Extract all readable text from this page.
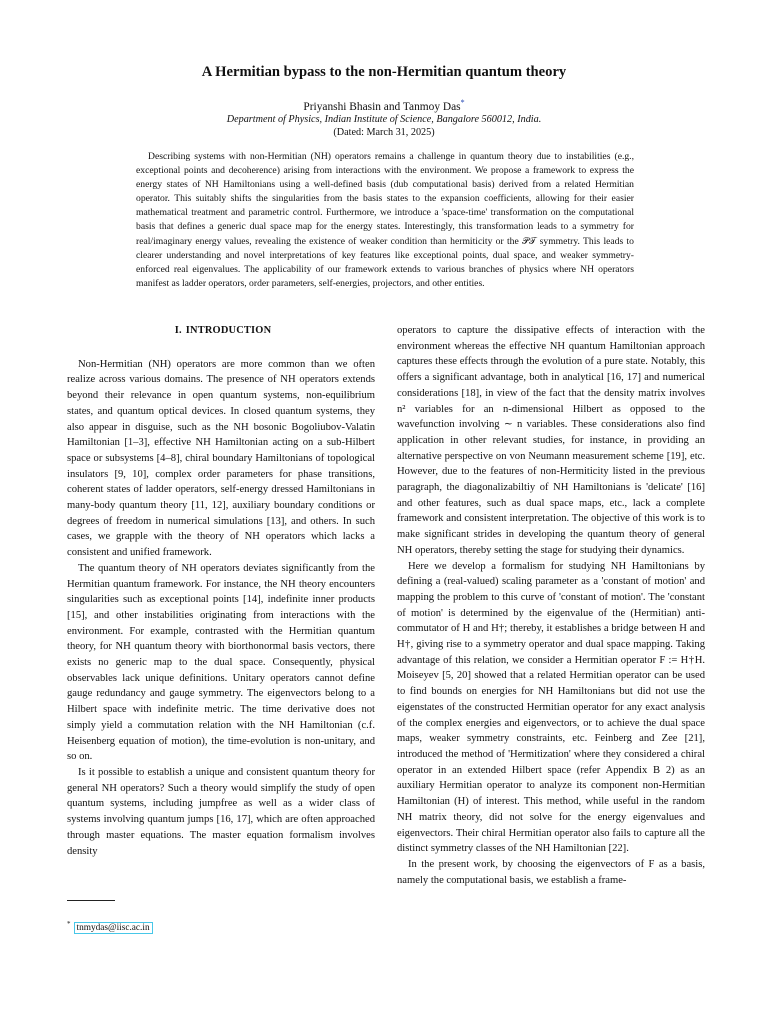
A Hermitian bypass to the non-Hermitian quantum theory
Priyanshi Bhasin and Tanmoy Das*
Department of Physics, Indian Institute of Science, Bangalore 560012, India.
(Dated: March 31, 2025)

Describing systems with non-Hermitian (NH) operators remains a challenge in quantum theory due to instabilities (e.g., exceptional points and decoherence) arising from interactions with the environment. We propose a framework to express the energy states of NH Hamiltonians using a well-defined basis (dub computational basis) derived from a related Hermitian operator. This suitably shifts the singularities from the basis states to the expansion coefficients, allowing for their easier mathematical treatment and parametric control. Furthermore, we introduce a 'space-time' transformation on the computational basis that defines a generic dual space map for the energy states. Interestingly, this transformation leads to a symmetry for real/imaginary energy values, revealing the existence of weaker condition than hermiticity or the 𝒫𝒯 symmetry. This leads to clearer understanding and novel interpretations of key features like exceptional points, dual space, and weaker symmetry-enforced real eigenvalues. The applicability of our framework extends to various branches of physics where NH operators manifest as ladder operators, order parameters, self-energies, projectors, and other entities.

I. INTRODUCTION

Non-Hermitian (NH) operators are more common than we often realize across various domains. The presence of NH operators extends beyond their relevance in open quantum systems, non-equilibrium states, and quantum optical devices. In closed quantum systems, they also appear in disguise, such as the NH bosonic Bogoliubov-Valatin Hamiltonian [1–3], effective NH Hamiltonian acting on a sub-Hilbert space or subsystems [4–8], chiral boundary Hamiltonians of topological insulators [9, 10], complex order parameters for phase transitions, coherent states of ladder operators, self-energy dressed Hamiltonians in many-body quantum theory [11, 12], auxiliary boundary conditions or degrees of freedom in numerical simulations [13], and others. In such cases, we grapple with the theory of NH operators which lacks a consistent and unified framework.

The quantum theory of NH operators deviates significantly from the Hermitian quantum framework. For instance, the NH theory encounters singularities such as exceptional points [14], indefinite inner products [15], and other instabilities originating from interactions with the environment. For example, contrasted with the Hermitian quantum theory, for NH quantum theory with biorthonormal basis vectors, there exists no generic map to the dual space. Consequently, physical observables lack unique definitions. Unitary operators cannot define gauge redundancy and gauge symmetry. The eigenvectors belong to a Hilbert space with indefinite metric. The time derivative does not simply yield a commutation relation with the NH Hamiltonian (c.f. Heisenberg equation of motion), the time-evolution is non-unitary, and so on.

Is it possible to establish a unique and consistent quantum theory for general NH operators? Such a theory would simplify the study of open quantum systems, including jumpfree as well as a wider class of systems involving quantum jumps [16, 17], which are often approached through master equations. The master equation formalism involves density

operators to capture the dissipative effects of interaction with the environment whereas the effective NH quantum Hamiltonian approach captures these effects through the evolution of a pure state. Notably, this offers a significant advantage, both in analytical [16, 17] and numerical considerations [18], in view of the fact that the density matrix involves n² variables for an n-dimensional Hilbert as opposed to the wavefunction involving ∼ n variables. These considerations also find application in other relevant studies, for instance, in providing an alternative perspective on von Neumann measurement scheme [19], etc. However, due to the features of non-Hermiticity listed in the previous paragraph, the diagonalizabiltiy of NH Hamiltonians is 'delicate' [16] and other features, such as dual space maps, etc., lack a complete framework and consistent interpretation. The objective of this work is to make significant strides in developing the quantum theory of general NH operators, thereby setting the stage for studying their dynamics.

Here we develop a formalism for studying NH Hamiltonians by defining a (real-valued) scaling parameter as a 'constant of motion' and mapping the problem to this curve of 'constant of motion'. The 'constant of motion' is determined by the eigenvalue of the (Hermitian) anti-commutator of H and H†; thereby, it establishes a bridge between H and H†, giving rise to a symmetry operator and dual space mapping. Taking advantage of this relation, we consider a Hermitian operator F := H†H. Moiseyev [5, 20] showed that a related Hermitian operator can be used to find bounds on energies for NH Hamiltonians but did not use the eigenstates of the constructed Hermitian operator for any exact analysis of the complex energies and eigenvectors, or to achieve the dual space maps, weaker symmetry constraints, etc. Feinberg and Zee [21], introduced the method of 'Hermitization' where they considered a chiral operator in an extended Hilbert space (refer Appendix B 2) as an auxiliary Hermitian operator to analyze its component non-Hermitian Hamiltonian (H) of interest. This method, while useful in the random NH matrix theory, did not solve for the energy eigenvalues and eigenvectors. Their chiral Hermitian operator also fails to capture all the distinct symmetry classes of the NH Hamiltonian [22].

In the present work, by choosing the eigenvectors of F as a basis, namely the computational basis, we establish a frame-

* tnmydas@iisc.ac.in
